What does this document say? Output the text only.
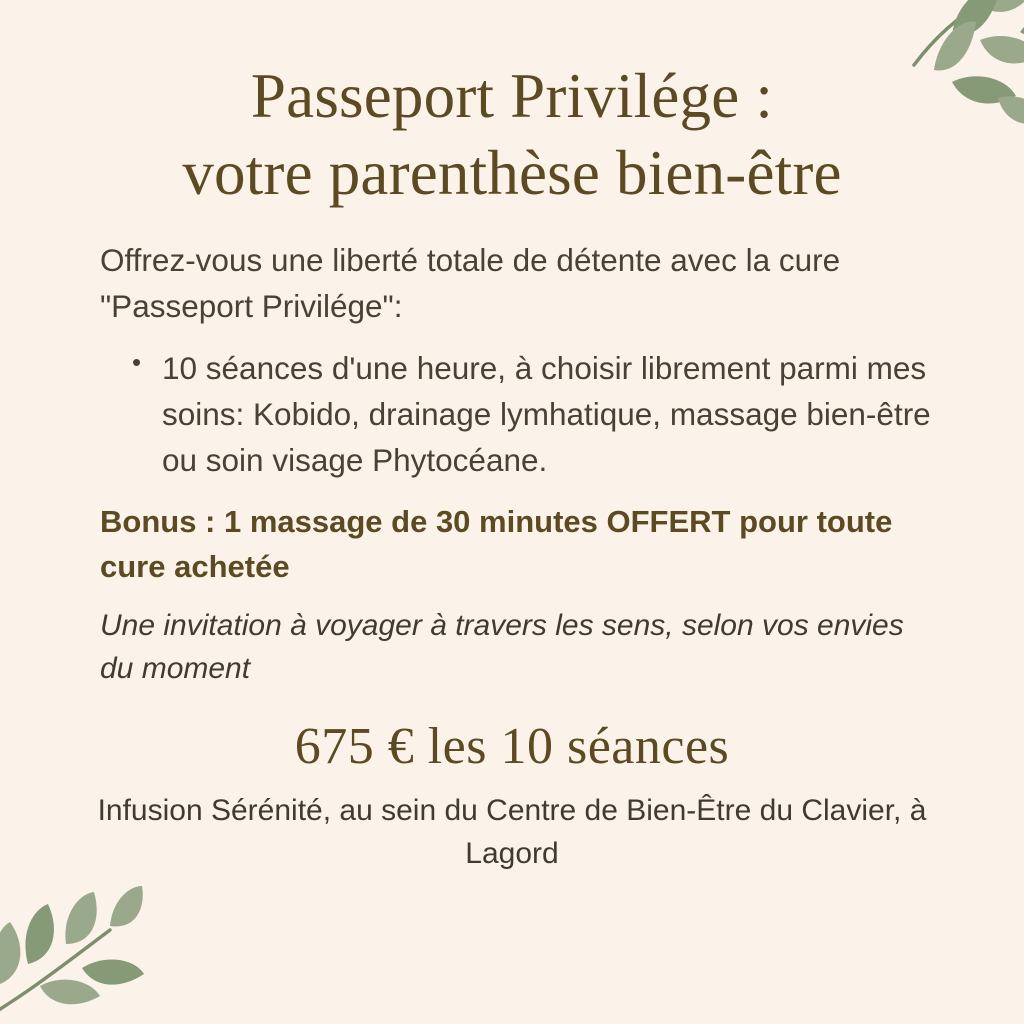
Passeport Privilége :
votre parenthèse bien-être

Offrez-vous une liberté totale de détente avec la cure "Passeport Privilége":

• 10 séances d'une heure, à choisir librement parmi mes soins: Kobido, drainage lymhatique, massage bien-être ou soin visage Phytocéane.

Bonus : 1 massage de 30 minutes OFFERT pour toute cure achetée

Une invitation à voyager à travers les sens, selon vos envies du moment

675 € les 10 séances

Infusion Sérénité, au sein du Centre de Bien-Être du Clavier, à Lagord
